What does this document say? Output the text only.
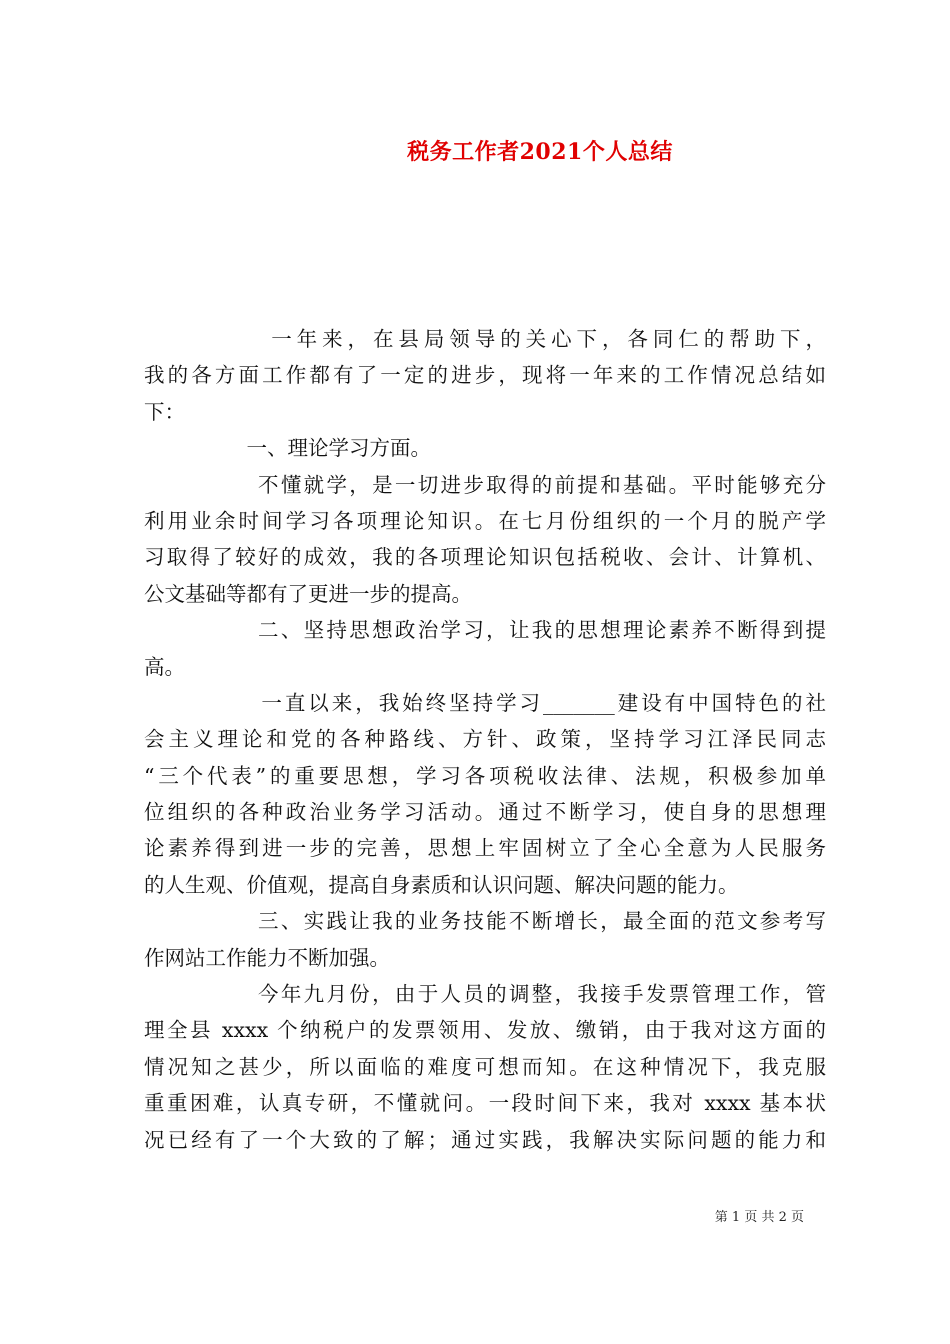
税务工作者2021个人总结
　　　　　一年来，在县局领导的关心下，各同仁的帮助下，
我的各方面工作都有了一定的进步，现将一年来的工作情况总结如
下：
　　　　　一、理论学习方面。
　　　　　不懂就学，是一切进步取得的前提和基础。平时能够充分
利用业余时间学习各项理论知识。在七月份组织的一个月的脱产学
习取得了较好的成效，我的各项理论知识包括税收、会计、计算机、
公文基础等都有了更进一步的提高。
　　　　　二、坚持思想政治学习，让我的思想理论素养不断得到提
高。
　　　　　一直以来，我始终坚持学习_______建设有中国特色的社
会主义理论和党的各种路线、方针、政策，坚持学习江泽民同志
“三个代表”的重要思想，学习各项税收法律、法规，积极参加单
位组织的各种政治业务学习活动。通过不断学习，使自身的思想理
论素养得到进一步的完善，思想上牢固树立了全心全意为人民服务
的人生观、价值观，提高自身素质和认识问题、解决问题的能力。
　　　　　三、实践让我的业务技能不断增长，最全面的范文参考写
作网站工作能力不断加强。
　　　　　今年九月份，由于人员的调整，我接手发票管理工作，管
理全县 xxxx 个纳税户的发票领用、发放、缴销，由于我对这方面的
情况知之甚少，所以面临的难度可想而知。在这种情况下，我克服
重重困难，认真专研，不懂就问。一段时间下来，我对 xxxx 基本状
况已经有了一个大致的了解；通过实践，我解决实际问题的能力和
第 1 页 共 2 页
